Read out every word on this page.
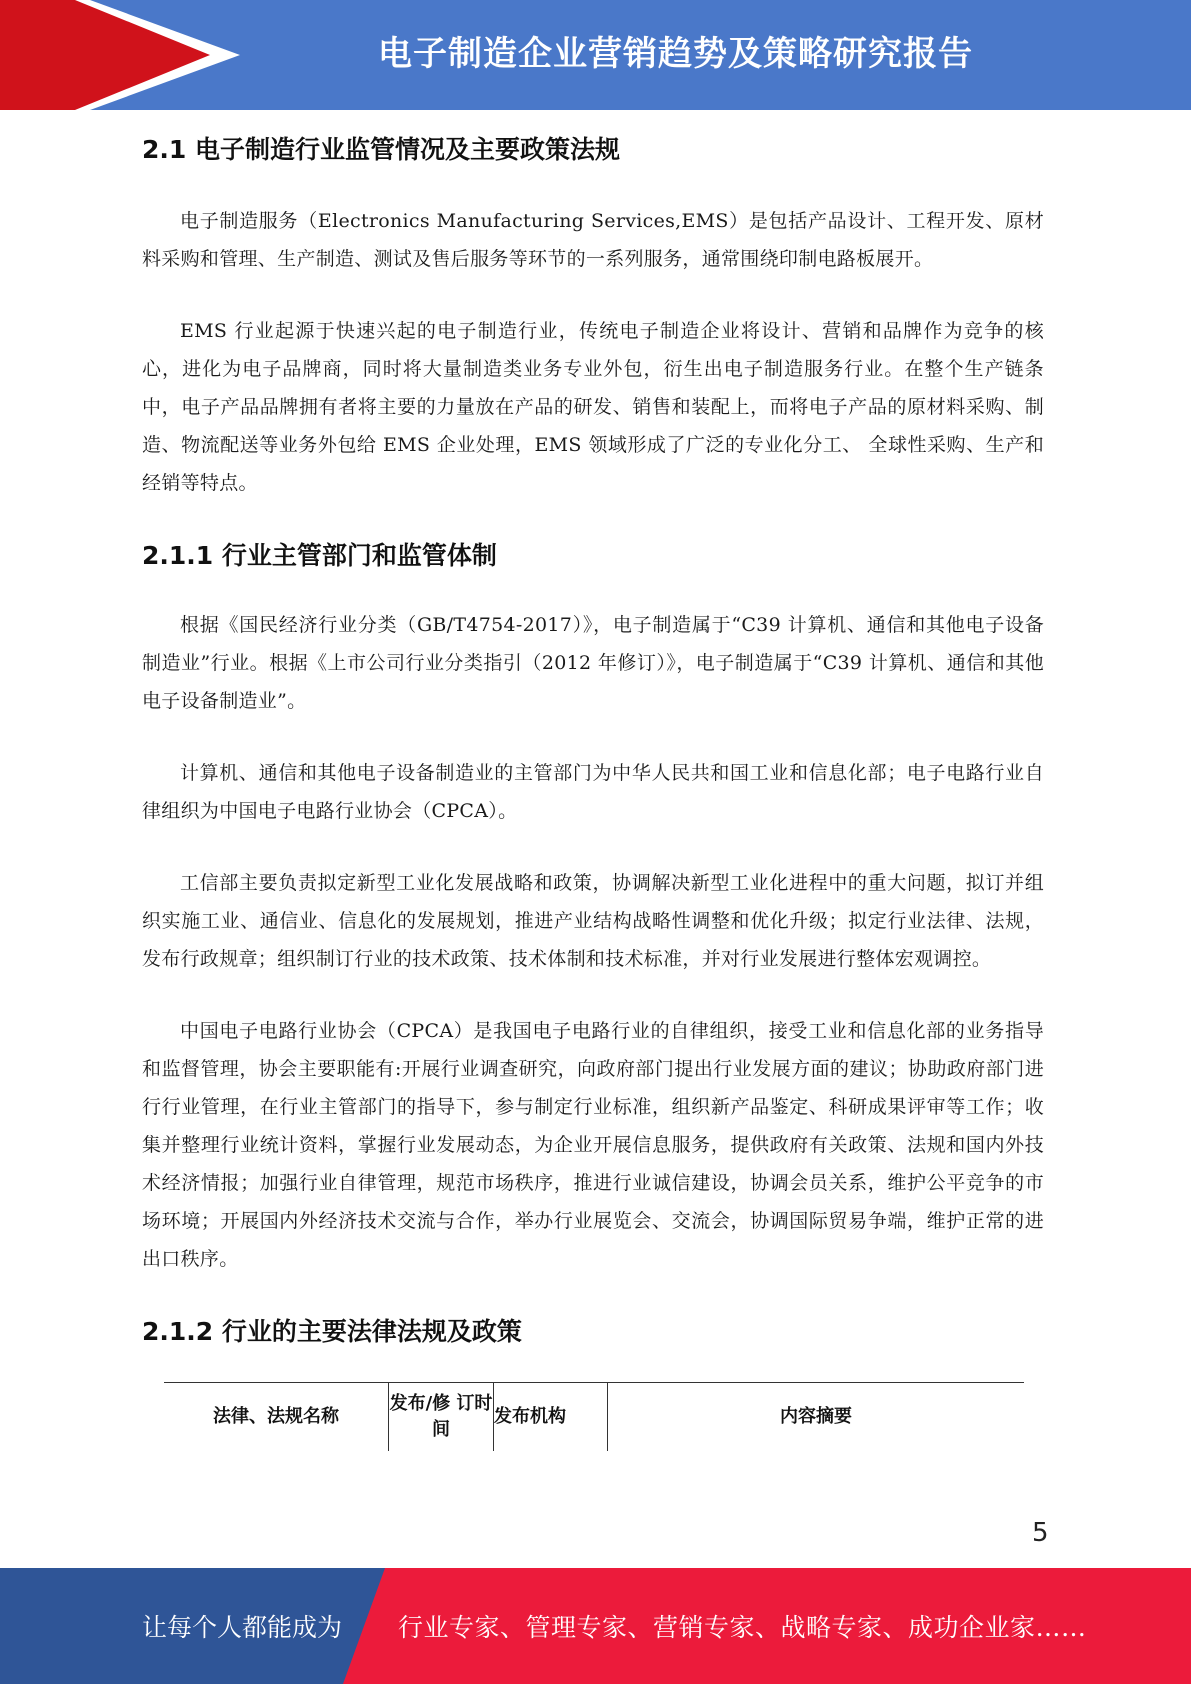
电子制造企业营销趋势及策略研究报告
2.1 电子制造行业监管情况及主要政策法规

电子制造服务（Electronics Manufacturing Services,EMS）是包括产品设计、工程开发、原材料采购和管理、生产制造、测试及售后服务等环节的一系列服务，通常围绕印制电路板展开。

EMS 行业起源于快速兴起的电子制造行业，传统电子制造企业将设计、营销和品牌作为竞争的核心，进化为电子品牌商，同时将大量制造类业务专业外包，衍生出电子制造服务行业。在整个生产链条中，电子产品品牌拥有者将主要的力量放在产品的研发、销售和装配上，而将电子产品的原材料采购、制造、物流配送等业务外包给 EMS 企业处理，EMS 领域形成了广泛的专业化分工、 全球性采购、生产和经销等特点。

2.1.1 行业主管部门和监管体制

根据《国民经济行业分类（GB/T4754-2017）》，电子制造属于“C39 计算机、通信和其他电子设备制造业”行业。根据《上市公司行业分类指引（2012 年修订）》，电子制造属于“C39 计算机、通信和其他电子设备制造业”。

计算机、通信和其他电子设备制造业的主管部门为中华人民共和国工业和信息化部；电子电路行业自律组织为中国电子电路行业协会（CPCA）。

工信部主要负责拟定新型工业化发展战略和政策，协调解决新型工业化进程中的重大问题，拟订并组织实施工业、通信业、信息化的发展规划，推进产业结构战略性调整和优化升级；拟定行业法律、法规，发布行政规章；组织制订行业的技术政策、技术体制和技术标准，并对行业发展进行整体宏观调控。

中国电子电路行业协会（CPCA）是我国电子电路行业的自律组织，接受工业和信息化部的业务指导和监督管理，协会主要职能有:开展行业调查研究，向政府部门提出行业发展方面的建议；协助政府部门进行行业管理，在行业主管部门的指导下，参与制定行业标准，组织新产品鉴定、科研成果评审等工作；收集并整理行业统计资料，掌握行业发展动态，为企业开展信息服务，提供政府有关政策、法规和国内外技术经济情报；加强行业自律管理，规范市场秩序，推进行业诚信建设，协调会员关系，维护公平竞争的市场环境；开展国内外经济技术交流与合作，举办行业展览会、交流会，协调国际贸易争端，维护正常的进出口秩序。

2.1.2 行业的主要法律法规及政策
法律、法规名称	发布/修 订时间	发布机构	内容摘要
5
让每个人都能成为 行业专家、管理专家、营销专家、战略专家、成功企业家……
